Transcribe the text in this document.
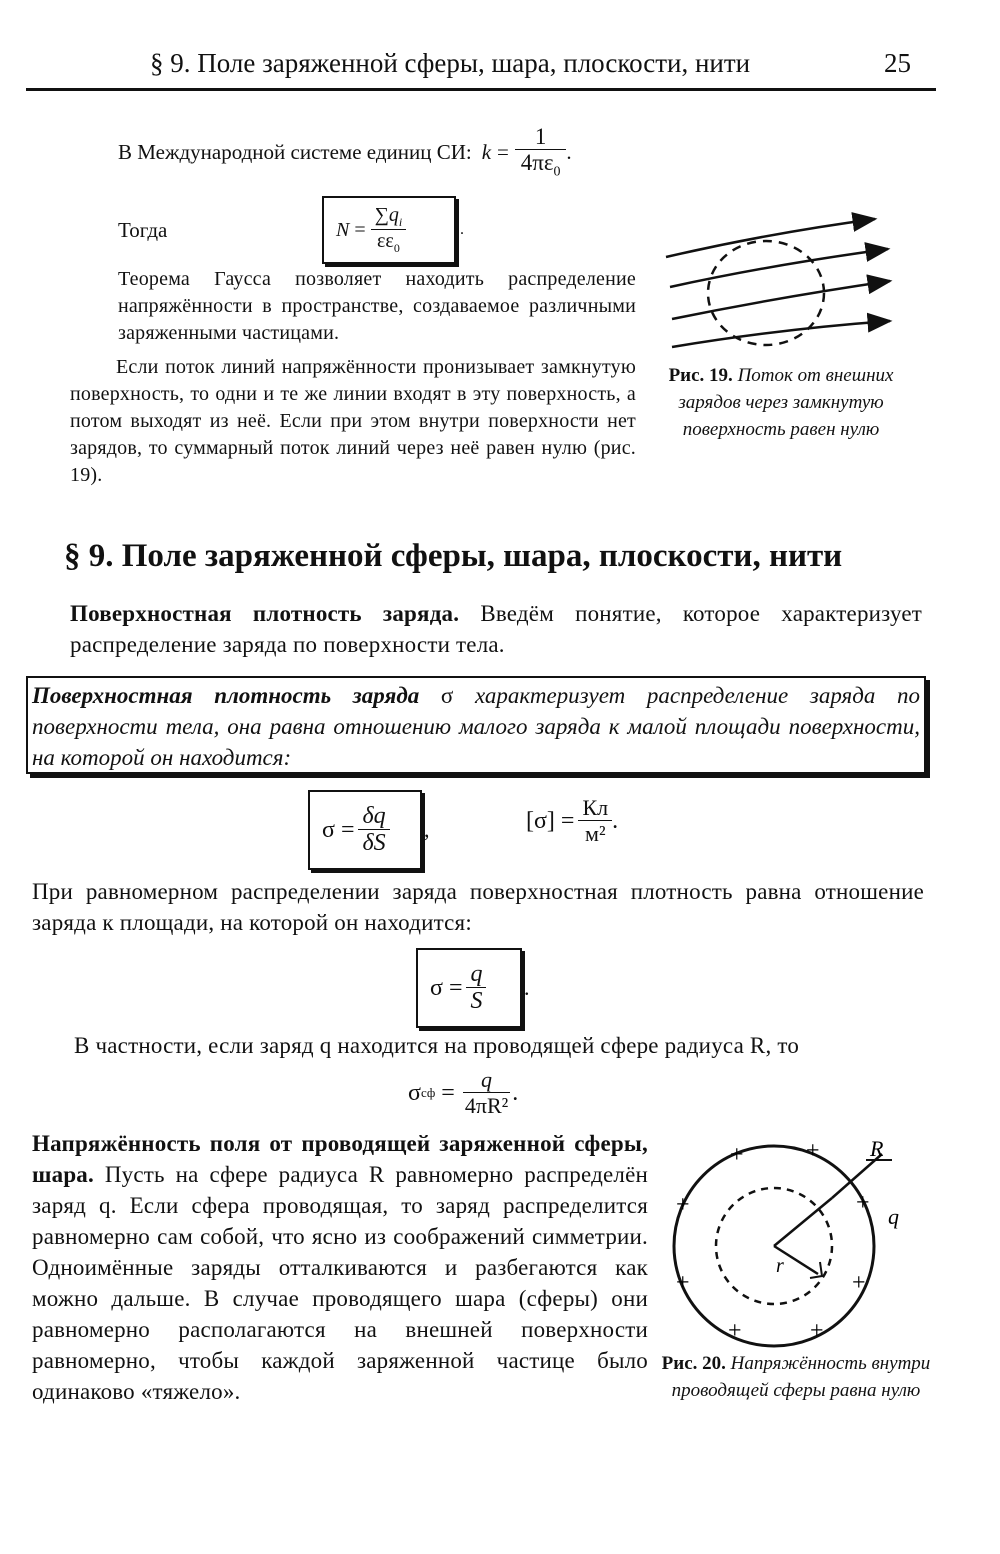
§ 9. Поле заряженной сферы, шара, плоскости, нити	25
В Международной системе единиц СИ: $k = \frac{1}{4\pi\varepsilon_0}$ .
Тогда	$N = \frac{\sum q_i}{\varepsilon\varepsilon_0}$	.
Теорема Гаусса позволяет находить распределение напряжённости в пространстве, создаваемое различными заряженными частицами.
Если поток линий напряжённости пронизывает замкнутую поверхность, то одни и те же линии входят в эту поверхность, а потом выходят из неё. Если при этом внутри поверхности нет зарядов, то суммарный поток линий через неё равен нулю (рис. 19).
Рис. 19. Поток от внешних зарядов через замкнутую поверхность равен нулю
§ 9. Поле заряженной сферы, шара, плоскости, нити
Поверхностная плотность заряда. Введём понятие, которое характеризует распределение заряда по поверхности тела.
Поверхностная плотность заряда σ характеризует распределение заряда по поверхности тела, она равна отношению малого заряда к малой площади поверхности, на которой он находится:
$\sigma = \frac{\delta q}{\delta S}$ ,	$[\sigma] = \frac{Кл}{\text{м²}}$ .
При равномерном распределении заряда поверхностная плотность равна отношение заряда к площади, на которой он находится:
$\sigma = \frac{q}{S}$ .
В частности, если заряд q находится на проводящей сфере радиуса R, то
σ сф = $\frac{q}{\text{4πR²}}$ .
Напряжённость поля от проводящей заряженной сферы, шара. Пусть на сфере радиуса R равномерно распределён заряд q. Если сфера проводящая, то заряд распределится равномерно сам собой, что ясно из соображений симметрии. Одноимённые заряды отталкиваются и разбегаются как можно дальше. В случае проводящего шара (сферы) они равномерно располагаются на внешней поверхности равномерно, чтобы каждой заряженной частице было одинаково «тяжело».
R
q
r
+	+
+	+
+	+
+	+
Рис. 20. Напряжённость внутри проводящей сферы равна нулю
